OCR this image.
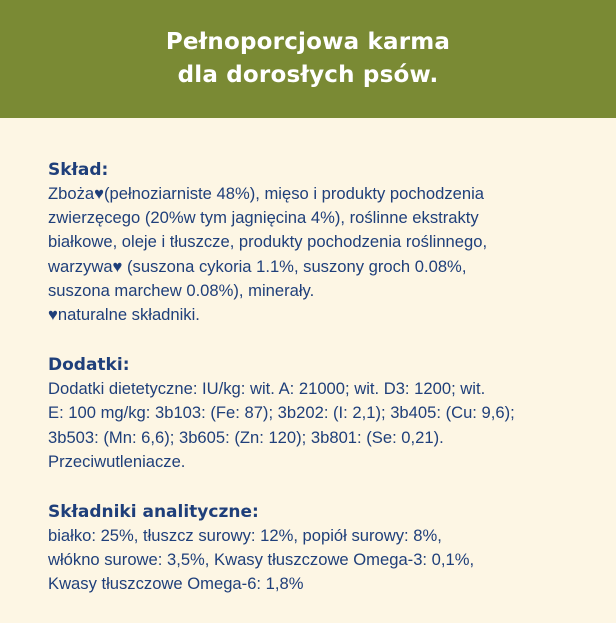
Pełnoporcjowa karma
dla dorosłych psów.

Skład:

Zboża♥(pełnoziarniste 48%), mięso i produkty pochodzenia
zwierzęcego (20%w tym jagnięcina 4%), roślinne ekstrakty
białkowe, oleje i tłuszcze, produkty pochodzenia roślinnego,
warzywa♥ (suszona cykoria 1.1%, suszony groch 0.08%,
suszona marchew 0.08%), minerały.
♥naturalne składniki.

Dodatki:

Dodatki dietetyczne: IU/kg: wit. A: 21000; wit. D3: 1200; wit.
E: 100 mg/kg: 3b103: (Fe: 87); 3b202: (I: 2,1); 3b405: (Cu: 9,6);
3b503: (Mn: 6,6); 3b605: (Zn: 120); 3b801: (Se: 0,21).
Przeciwutleniacze.

Składniki analityczne:

białko: 25%, tłuszcz surowy: 12%, popiół surowy: 8%,
włókno surowe: 3,5%, Kwasy tłuszczowe Omega-3: 0,1%,
Kwasy tłuszczowe Omega-6: 1,8%
